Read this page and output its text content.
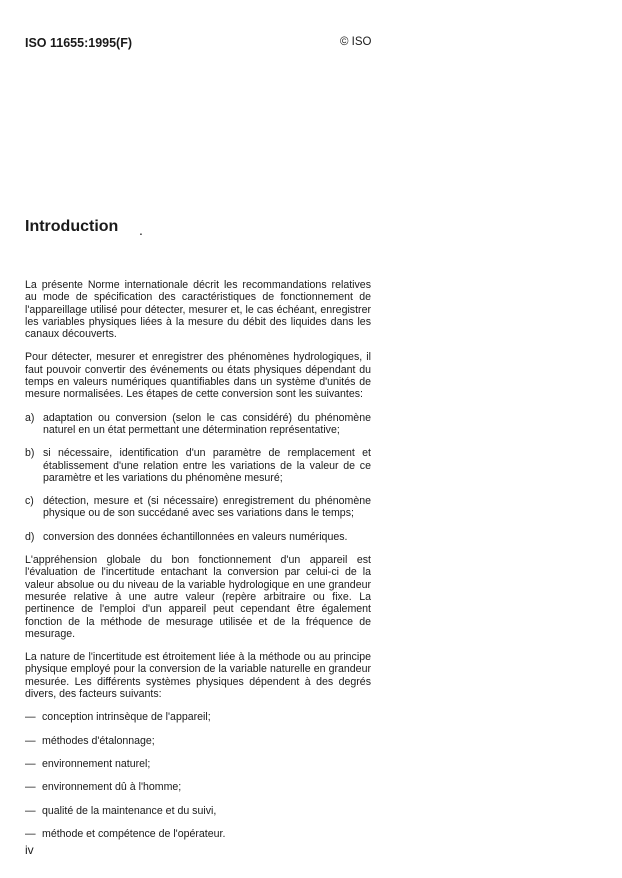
ISO 11655:1995(F)	© ISO
Introduction .

La présente Norme internationale décrit les recommandations relatives au mode de spécification des caractéristiques de fonctionnement de l'appareillage utilisé pour détecter, mesurer et, le cas échéant, enregistrer les variables physiques liées à la mesure du débit des liquides dans les canaux découverts.

Pour détecter, mesurer et enregistrer des phénomènes hydrologiques, il faut pouvoir convertir des événements ou états physiques dépendant du temps en valeurs numériques quantifiables dans un système d'unités de mesure normalisées. Les étapes de cette conversion sont les suivantes:

a) adaptation ou conversion (selon le cas considéré) du phénomène naturel en un état permettant une détermination représentative;
b) si nécessaire, identification d'un paramètre de remplacement et établissement d'une relation entre les variations de la valeur de ce paramètre et les variations du phénomène mesuré;
c) détection, mesure et (si nécessaire) enregistrement du phénomène physique ou de son succédané avec ses variations dans le temps;
d) conversion des données échantillonnées en valeurs numériques.

L'appréhension globale du bon fonctionnement d'un appareil est l'évaluation de l'incertitude entachant la conversion par celui-ci de la valeur absolue ou du niveau de la variable hydrologique en une grandeur mesurée relative à une autre valeur (repère arbitraire ou fixe. La pertinence de l'emploi d'un appareil peut cependant être également fonction de la méthode de mesurage utilisée et de la fréquence de mesurage.

La nature de l'incertitude est étroitement liée à la méthode ou au principe physique employé pour la conversion de la variable naturelle en grandeur mesurée. Les différents systèmes physiques dépendent à des degrés divers, des facteurs suivants:

— conception intrinsèque de l'appareil;
— méthodes d'étalonnage;
— environnement naturel;
— environnement dû à l'homme;
— qualité de la maintenance et du suivi,
— méthode et compétence de l'opérateur.
iv
